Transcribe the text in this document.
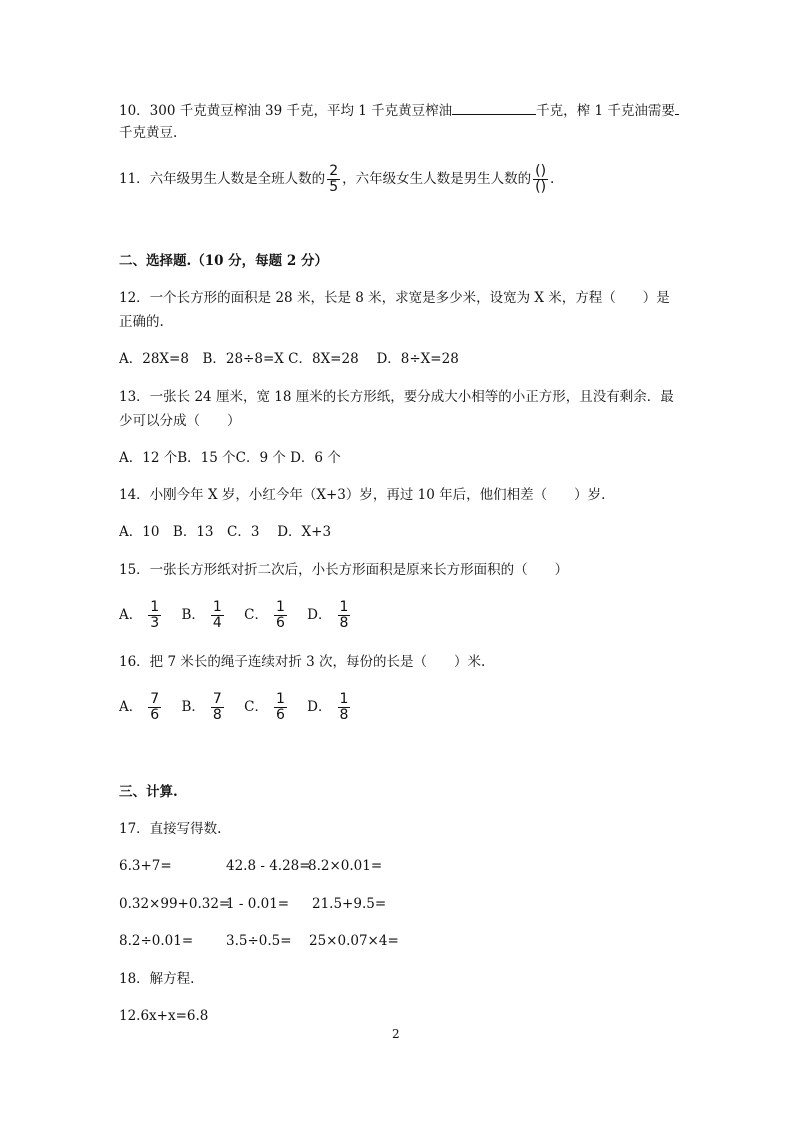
10．300 千克黄豆榨油 39 千克，平均 1 千克黄豆榨油	千克，榨 1 千克油需要
千克黄豆.
11．六年级男生人数是全班人数的 $\frac{2}{5}$ ，六年级女生人数是男生人数的 $\frac{()}{()}$ .
二、选择题.（10 分，每题 2 分）
12．一个长方形的面积是 28 米，长是 8 米，求宽是多少米，设宽为 X 米，方程（　　）是
正确的.
A．28X=8　B．28÷8=X C．8X=28　 D．8÷X=28
13．一张长 24 厘米，宽 18 厘米的长方形纸，要分成大小相等的小正方形，且没有剩余．最
少可以分成（　　）
A．12 个B．15 个C．9 个 D．6 个
14．小刚今年 X 岁，小红今年（X+3）岁，再过 10 年后，他们相差（　　）岁.
A．10　B．13　C．3　 D．X+3
15．一张长方形纸对折二次后，小长方形面积是原来长方形面积的（　　）
A． $\frac{1}{3}$
B． $\frac{1}{4}$
C． $\frac{1}{6}$
D． $\frac{1}{8}$
16．把 7 米长的绳子连续对折 3 次，每份的长是（　　）米.
A． $\frac{7}{6}$
B． $\frac{7}{8}$
C． $\frac{1}{6}$
D． $\frac{1}{8}$
三、计算.
17．直接写得数.
6.3+7=	42.8 - 4.28=
8.2×0.01=
0.32×99+0.32=
1 - 0.01= 21.5+9.5=
8.2÷0.01= 3.5÷0.5= 25×0.07×4=
18．解方程.
12.6x+x=6.8
2
